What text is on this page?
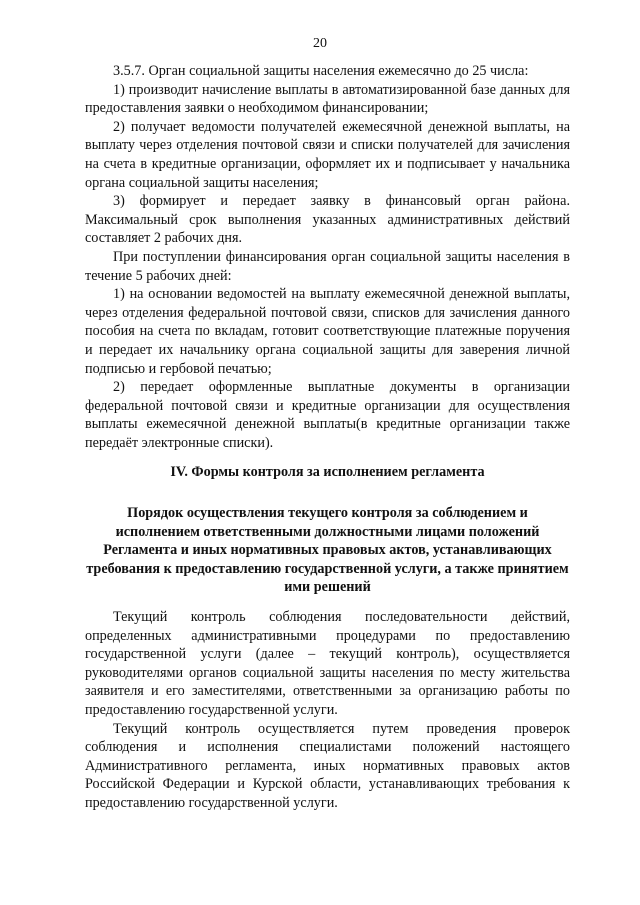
20

3.5.7. Орган социальной защиты населения ежемесячно до 25 числа:

1) производит начисление выплаты в автоматизированной базе данных для предоставления заявки о необходимом финансировании;

2) получает ведомости получателей ежемесячной денежной выплаты, на выплату через отделения почтовой связи и списки получателей для зачисления на счета в кредитные организации, оформляет их и подписывает у начальника органа социальной защиты населения;

3) формирует и передает заявку в финансовый орган района. Максимальный срок выполнения указанных административных действий составляет 2 рабочих дня.

При поступлении финансирования орган социальной защиты населения в течение 5 рабочих дней:

1) на основании ведомостей на выплату ежемесячной денежной выплаты, через отделения федеральной почтовой связи, списков для зачисления данного пособия на счета по вкладам, готовит соответствующие платежные поручения и передает их начальнику органа социальной защиты для заверения личной подписью и гербовой печатью;

2) передает оформленные выплатные документы в организации федеральной почтовой связи и кредитные организации для осуществления выплаты ежемесячной денежной выплаты(в кредитные организации также передаёт электронные списки).

IV. Формы контроля за исполнением регламента
Порядок осуществления текущего контроля за соблюдением и исполнением ответственными должностными лицами положений Регламента и иных нормативных правовых актов, устанавливающих требования к предоставлению государственной услуги, а также принятием ими решений

Текущий контроль соблюдения последовательности действий, определенных административными процедурами по предоставлению государственной услуги (далее – текущий контроль), осуществляется руководителями органов социальной защиты населения по месту жительства заявителя и его заместителями, ответственными за организацию работы по предоставлению государственной услуги.

Текущий контроль осуществляется путем проведения проверок соблюдения и исполнения специалистами положений настоящего Административного регламента, иных нормативных правовых актов Российской Федерации и Курской области, устанавливающих требования к предоставлению государственной услуги.
